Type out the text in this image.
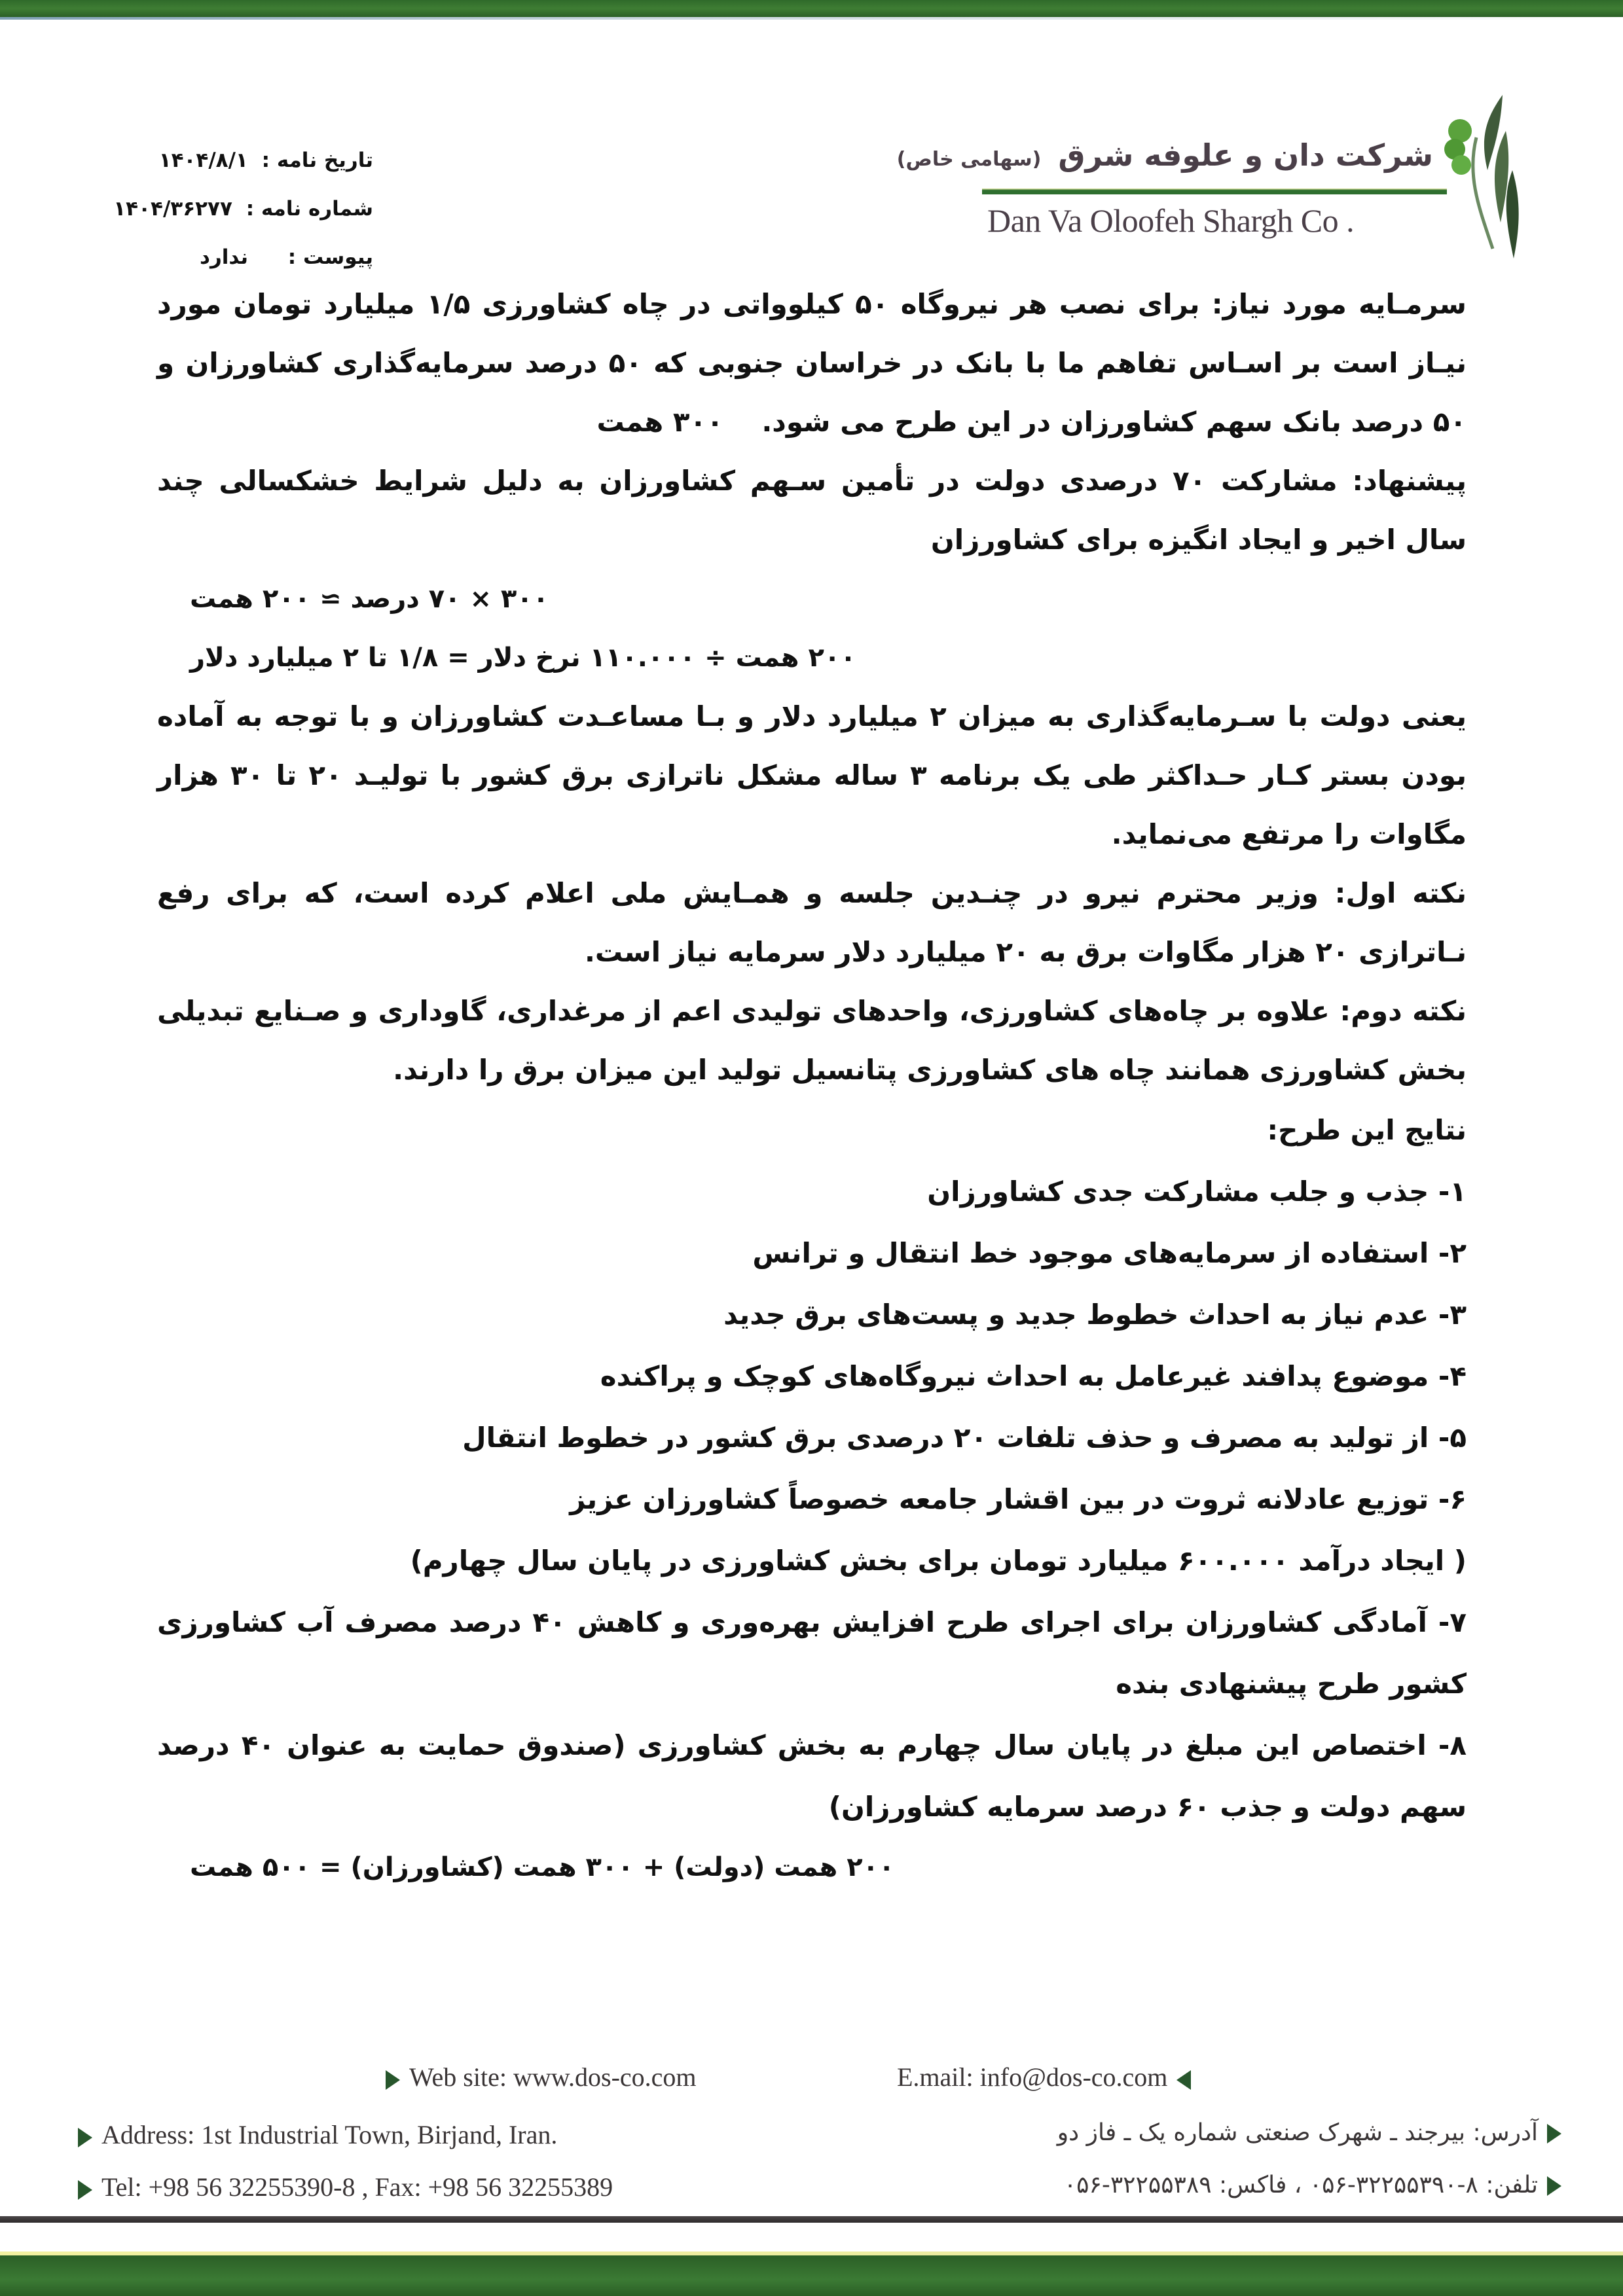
شرکت دان و علوفه شرق (سهامی خاص)
Dan Va Oloofeh Shargh Co .
تاریخ نامه : ۱۴۰۴/۸/۱
شماره نامه : ۱۴۰۴/۳۶۲۷۷
پیوست : ندارد

سرمـایه مورد نیاز: برای نصب هر نیروگاه ۵۰ کیلوواتی در چاه کشاورزی ۱/۵ میلیارد تومان مورد نیـاز است بر اسـاس تفاهم ما با بانک در خراسان جنوبی که ۵۰ درصد سرمایه‌گذاری کشاورزان و ۵۰ درصد بانک سهم کشاورزان در این طرح می شود.    ۳۰۰ همت

پیشنهاد: مشارکت ۷۰ درصدی دولت در تأمین سـهم کشاورزان به دلیل شرایط خشکسالی چند سال اخیر و ایجاد انگیزه برای کشاورزان

۳۰۰ × ۷۰ درصد ≃ ۲۰۰ همت
۲۰۰ همت ÷ ۱۱۰.۰۰۰ نرخ دلار = ۱/۸ تا ۲ میلیارد دلار

یعنی دولت با سـرمایه‌گذاری به میزان ۲ میلیارد دلار و بـا مساعـدت کشاورزان و با توجه به آماده بودن بستر کـار حـداکثر طی یک برنامه ۳ ساله مشکل ناترازی برق کشور با تولیـد ۲۰ تا ۳۰ هزار مگاوات را مرتفع می‌نماید.

نکته اول: وزیر محترم نیرو در چنـدین جلسه و همـایش ملی اعلام کرده است، که برای رفع نـاترازی ۲۰ هزار مگاوات برق به ۲۰ میلیارد دلار سرمایه نیاز است.

نکته دوم: علاوه بر چاه‌های کشاورزی، واحدهای تولیدی اعم از مرغداری، گاوداری و صـنایع تبدیلی بخش کشاورزی همانند چاه های کشاورزی پتانسیل تولید این میزان برق را دارند.

نتایج این طرح:
۱- جذب و جلب مشارکت جدی کشاورزان
۲- استفاده از سرمایه‌های موجود خط انتقال و ترانس
۳- عدم نیاز به احداث خطوط جدید و پست‌های برق جدید
۴- موضوع پدافند غیرعامل به احداث نیروگاه‌های کوچک و پراکنده
۵- از تولید به مصرف و حذف تلفات ۲۰ درصدی برق کشور در خطوط انتقال
۶- توزیع عادلانه ثروت در بین اقشار جامعه خصوصاً کشاورزان عزیز
( ایجاد درآمد ۶۰۰.۰۰۰ میلیارد تومان برای بخش کشاورزی در پایان سال چهارم)
۷- آمادگی کشاورزان برای اجرای طرح افزایش بهره‌وری و کاهش ۴۰ درصد مصرف آب کشاورزی کشور طرح پیشنهادی بنده
۸- اختصاص این مبلغ در پایان سال چهارم به بخش کشاورزی (صندوق حمایت به عنوان ۴۰ درصد سهم دولت و جذب ۶۰ درصد سرمایه کشاورزان)
۲۰۰ همت (دولت) + ۳۰۰ همت (کشاورزان) = ۵۰۰ همت
Web site: www.dos-co.com	E.mail: info@dos-co.com
Address: 1st Industrial Town, Birjand, Iran.	آدرس: بیرجند ـ شهرک صنعتی شماره یک ـ فاز دو
Tel: +98 56 32255390-8 , Fax: +98 56 32255389	تلفن: ۸-۳۲۲۵۵۳۹۰-۰۵۶ ، فاکس: ۳۲۲۵۵۳۸۹-۰۵۶
